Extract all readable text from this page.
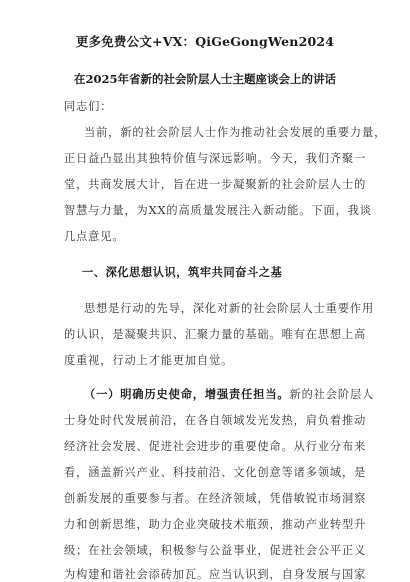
更多免费公文+VX：QiGeGongWen2024
在2025年省新的社会阶层人士主题座谈会上的讲话
同志们：
当前，新的社会阶层人士作为推动社会发展的重要力量，
正日益凸显出其独特价值与深远影响。今天，我们齐聚一
堂，共商发展大计，旨在进一步凝聚新的社会阶层人士的
智慧与力量，为XX的高质量发展注入新动能。下面，我谈
几点意见。
一、深化思想认识，筑牢共同奋斗之基
思想是行动的先导，深化对新的社会阶层人士重要作用
的认识，是凝聚共识、汇聚力量的基础。唯有在思想上高
度重视，行动上才能更加自觉。
（一）明确历史使命，增强责任担当。新的社会阶层人
士身处时代发展前沿，在各自领域发光发热，肩负着推动
经济社会发展、促进社会进步的重要使命。从行业分布来
看，涵盖新兴产业、科技前沿、文化创意等诸多领域，是
创新发展的重要参与者。在经济领域，凭借敏锐市场洞察
力和创新思维，助力企业突破技术瓶颈，推动产业转型升
级；在社会领域，积极参与公益事业，促进社会公平正义
为构建和谐社会添砖加瓦。应当认识到，自身发展与国家
